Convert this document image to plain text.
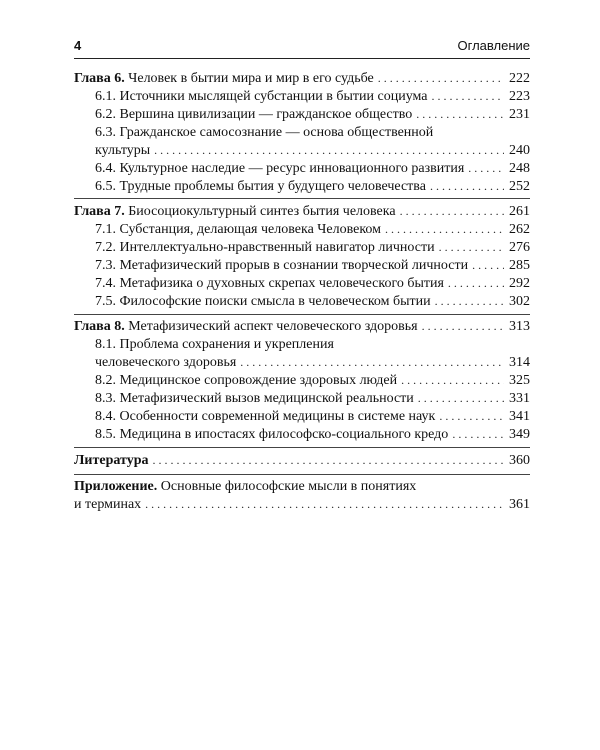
4	Оглавление
Глава 6. Человек в бытии мира и мир в его судьбе . . .	222
6.1. Источники мыслящей субстанции в бытии социума . . .	223
6.2. Вершина цивилизации — гражданское общество . . .	231
6.3. Гражданское самосознание — основа общественной
культуры . . .	240
6.4. Культурное наследие — ресурс инновационного развития . . .	248
6.5. Трудные проблемы бытия у будущего человечества . . .	252
Глава 7. Биосоциокультурный синтез бытия человека . . .	261
7.1. Субстанция, делающая человека Человеком . . .	262
7.2. Интеллектуально-нравственный навигатор личности . . .	276
7.3. Метафизический прорыв в сознании творческой личности . . .	285
7.4. Метафизика о духовных скрепах человеческого бытия . . .	292
7.5. Философские поиски смысла в человеческом бытии . . .	302
Глава 8. Метафизический аспект человеческого здоровья . . .	313
8.1. Проблема сохранения и укрепления
человеческого здоровья . . .	314
8.2. Медицинское сопровождение здоровых людей . . .	325
8.3. Метафизический вызов медицинской реальности . . .	331
8.4. Особенности современной медицины в системе наук . . .	341
8.5. Медицина в ипостасях философско-социального кредо . . .	349
Литература . . .	360
Приложение. Основные философские мысли в понятиях
и терминах . . .	361
